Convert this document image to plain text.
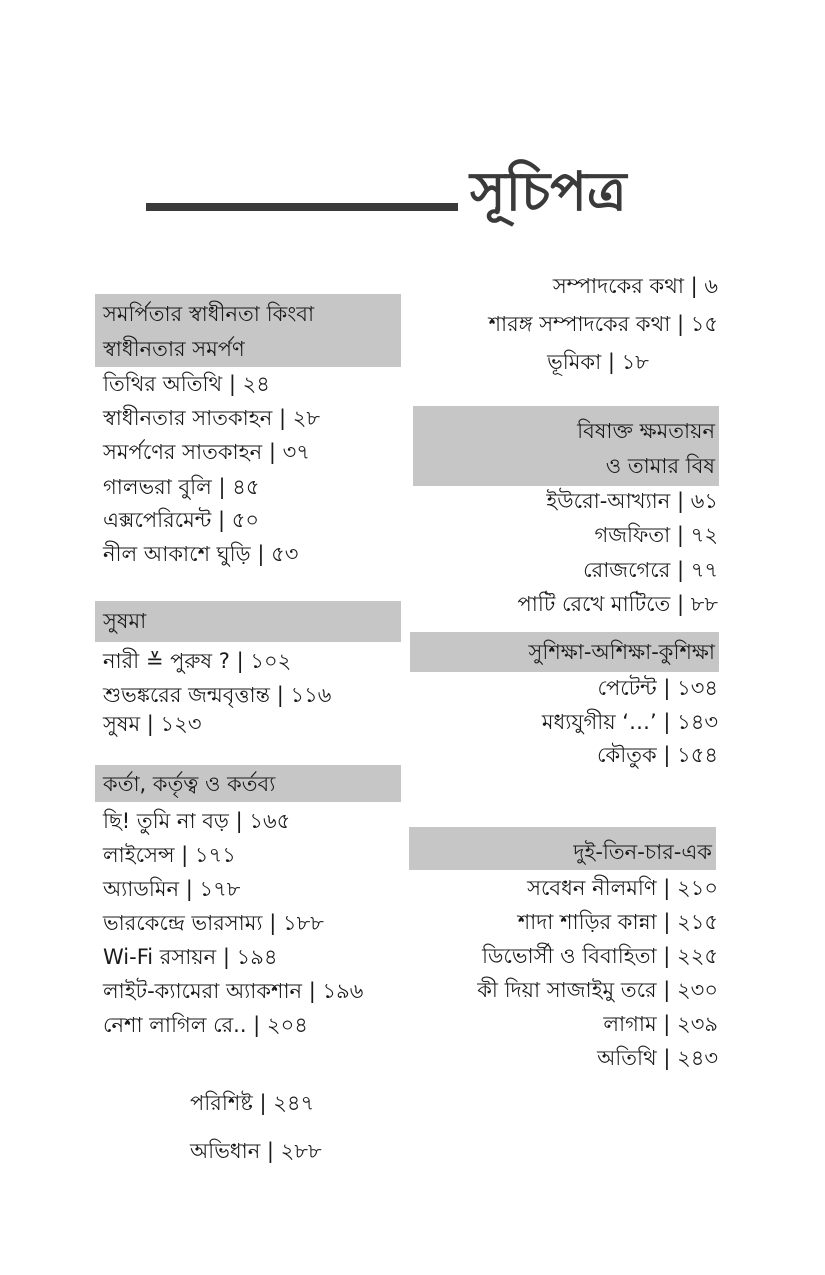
সূচিপত্র
সম্পাদকের কথা | ৬
শারঙ্গ সম্পাদকের কথা | ১৫
ভূমিকা | ১৮
সমর্পিতার স্বাধীনতা কিংবা
স্বাধীনতার সমর্পণ
তিথির অতিথি | ২৪
স্বাধীনতার সাতকাহন | ২৮
সমর্পণের সাতকাহন | ৩৭
গালভরা বুলি | ৪৫
এক্সপেরিমেন্ট | ৫০
নীল আকাশে ঘুড়ি | ৫৩
বিষাক্ত ক্ষমতায়ন
ও তামার বিষ
ইউরো-আখ্যান | ৬১
গজফিতা | ৭২
রোজগেরে | ৭৭
পাটি রেখে মাটিতে | ৮৮
সুষমা
নারী ≚ পুরুষ ? | ১০২
শুভঙ্করের জন্মবৃত্তান্ত | ১১৬
সুষম | ১২৩
সুশিক্ষা-অশিক্ষা-কুশিক্ষা
পেটেন্ট | ১৩৪
মধ্যযুগীয় ‘…’ | ১৪৩
কৌতুক | ১৫৪
কর্তা, কর্তৃত্ব ও কর্তব্য
ছি! তুমি না বড় | ১৬৫
লাইসেন্স | ১৭১
অ্যাডমিন | ১৭৮
ভারকেন্দ্রে ভারসাম্য | ১৮৮
Wi-Fi রসায়ন | ১৯৪
লাইট-ক্যামেরা অ্যাকশান | ১৯৬
নেশা লাগিল রে.. | ২০৪
দুই-তিন-চার-এক
সবেধন নীলমণি | ২১০
শাদা শাড়ির কান্না | ২১৫
ডিভোর্সী ও বিবাহিতা | ২২৫
কী দিয়া সাজাইমু তরে | ২৩০
লাগাম | ২৩৯
অতিথি | ২৪৩
পরিশিষ্ট | ২৪৭
অভিধান | ২৮৮
